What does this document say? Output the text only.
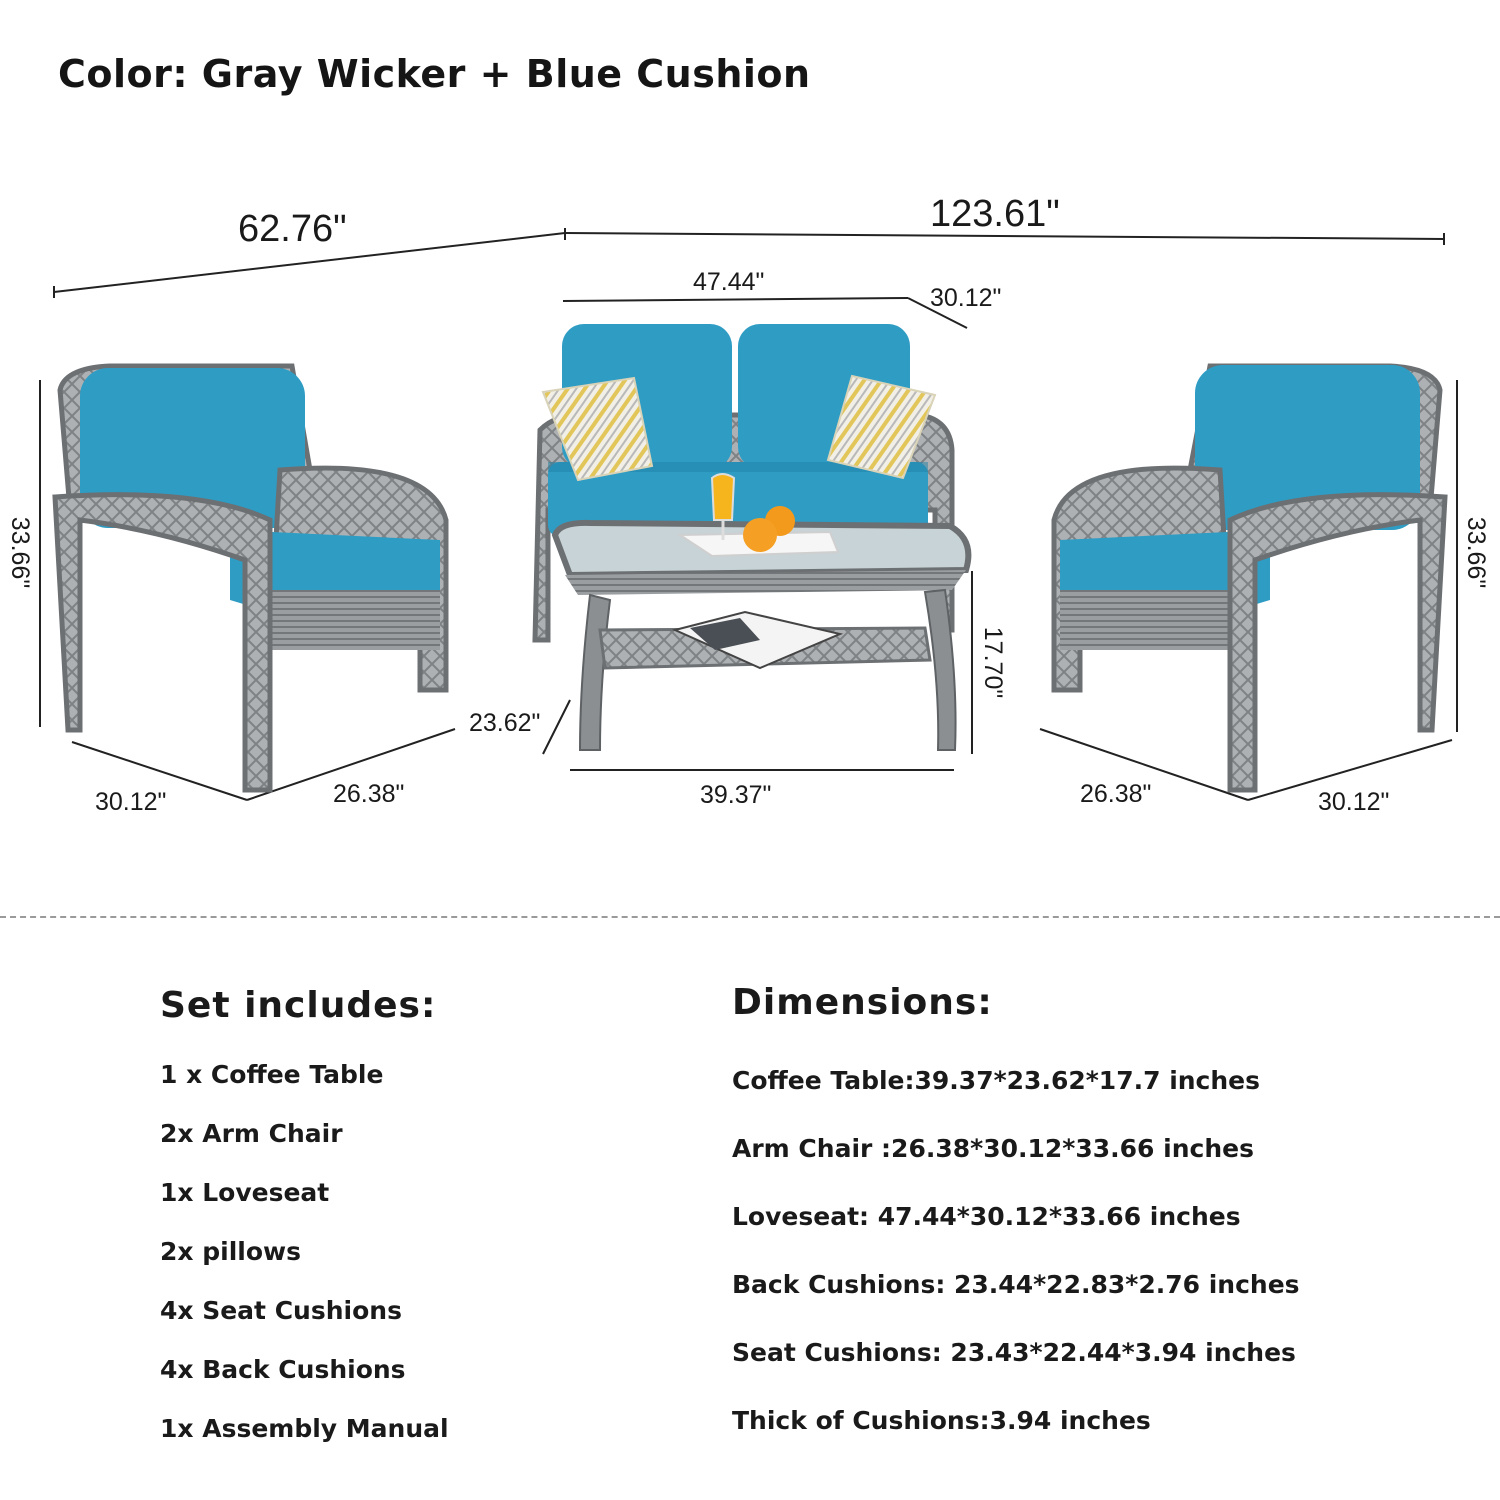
Color: Gray Wicker + Blue Cushion
62.76"	123.61"
47.44"
30.12"
33.66"	33.66"
17.70"
23.62"
39.37"
30.12"	26.38"	26.38"	30.12"
Set includes:
1 x Coffee Table
2x Arm Chair
1x Loveseat
2x pillows
4x Seat Cushions
4x Back Cushions
1x Assembly Manual
Dimensions:
Coffee Table:39.37*23.62*17.7 inches
Arm Chair :26.38*30.12*33.66 inches
Loveseat: 47.44*30.12*33.66 inches
Back Cushions: 23.44*22.83*2.76 inches
Seat Cushions: 23.43*22.44*3.94 inches
Thick of Cushions:3.94 inches
